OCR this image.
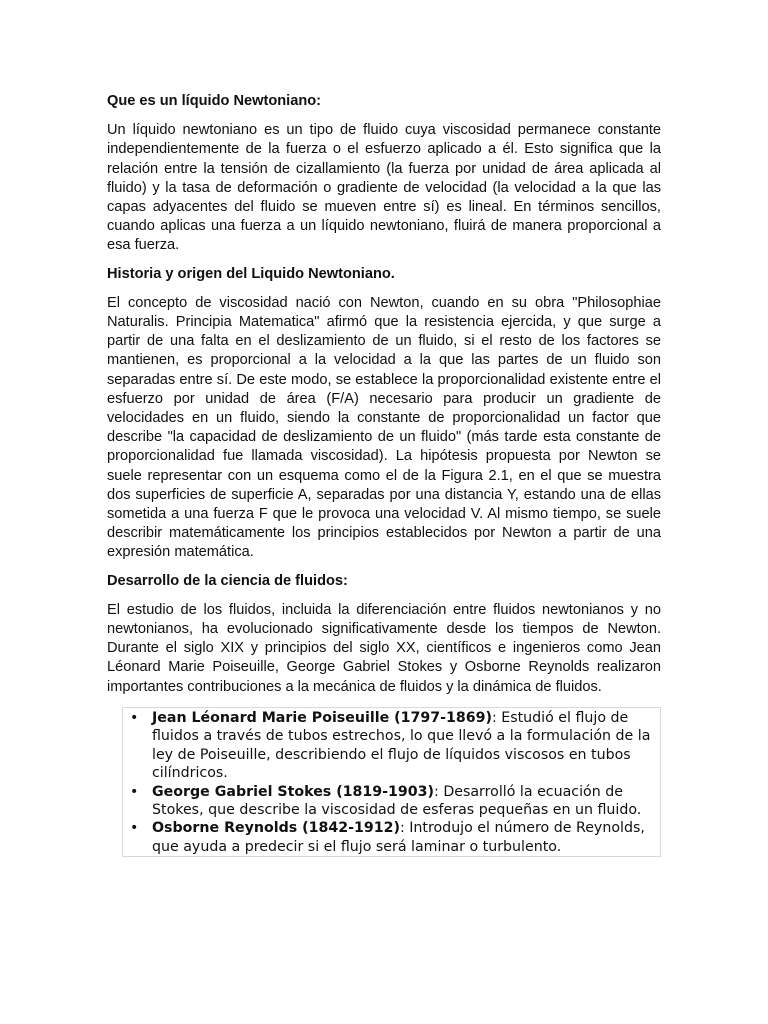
Que es un líquido Newtoniano:

Un líquido newtoniano es un tipo de fluido cuya viscosidad permanece constante independientemente de la fuerza o el esfuerzo aplicado a él. Esto significa que la relación entre la tensión de cizallamiento (la fuerza por unidad de área aplicada al fluido) y la tasa de deformación o gradiente de velocidad (la velocidad a la que las capas adyacentes del fluido se mueven entre sí) es lineal. En términos sencillos, cuando aplicas una fuerza a un líquido newtoniano, fluirá de manera proporcional a esa fuerza.

Historia y origen del Liquido Newtoniano.

El concepto de viscosidad nació con Newton, cuando en su obra "Philosophiae Naturalis. Principia Matematica" afirmó que la resistencia ejercida, y que surge a partir de una falta en el deslizamiento de un fluido, si el resto de los factores se mantienen, es proporcional a la velocidad a la que las partes de un fluido son separadas entre sí. De este modo, se establece la proporcionalidad existente entre el esfuerzo por unidad de área (F/A) necesario para producir un gradiente de velocidades en un fluido, siendo la constante de proporcionalidad un factor que describe "la capacidad de deslizamiento de un fluido" (más tarde esta constante de proporcionalidad fue llamada viscosidad). La hipótesis propuesta por Newton se suele representar con un esquema como el de la Figura 2.1, en el que se muestra dos superficies de superficie A, separadas por una distancia Y, estando una de ellas sometida a una fuerza F que le provoca una velocidad V. Al mismo tiempo, se suele describir matemáticamente los principios establecidos por Newton a partir de una expresión matemática.

Desarrollo de la ciencia de fluidos:

El estudio de los fluidos, incluida la diferenciación entre fluidos newtonianos y no newtonianos, ha evolucionado significativamente desde los tiempos de Newton. Durante el siglo XIX y principios del siglo XX, científicos e ingenieros como Jean Léonard Marie Poiseuille, George Gabriel Stokes y Osborne Reynolds realizaron importantes contribuciones a la mecánica de fluidos y la dinámica de fluidos.

• Jean Léonard Marie Poiseuille (1797-1869): Estudió el flujo de fluidos a través de tubos estrechos, lo que llevó a la formulación de la ley de Poiseuille, describiendo el flujo de líquidos viscosos en tubos cilíndricos.
• George Gabriel Stokes (1819-1903): Desarrolló la ecuación de Stokes, que describe la viscosidad de esferas pequeñas en un fluido.
• Osborne Reynolds (1842-1912): Introdujo el número de Reynolds, que ayuda a predecir si el flujo será laminar o turbulento.
